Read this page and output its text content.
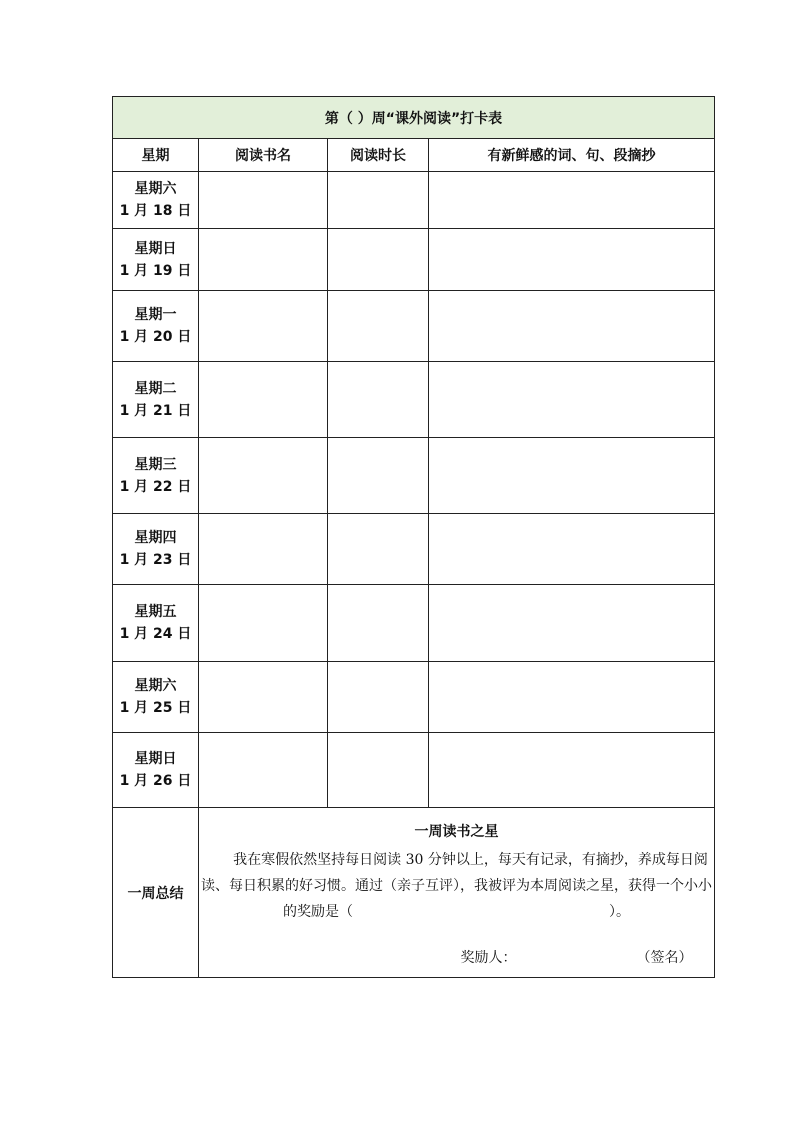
第（ ）周“课外阅读”打卡表			
星期	阅读书名	阅读时长	有新鲜感的词、句、段摘抄

星期六
1 月 18 日			

星期日
1 月 19 日			

星期一
1 月 20 日			

星期二
1 月 21 日			

星期三
1 月 22 日			

星期四
1 月 23 日			

星期五
1 月 24 日			

星期六
1 月 25 日			

星期日
1 月 26 日			

一周总结	一周读书之星

我在寒假依然坚持每日阅读 30 分钟以上，每天有记录，有摘抄，养成每日阅读、每日积累的好习惯。通过（亲子互评），我被评为本周阅读之星，获得一个小小的奖励是（ ）。

奖励人： （签名）		
